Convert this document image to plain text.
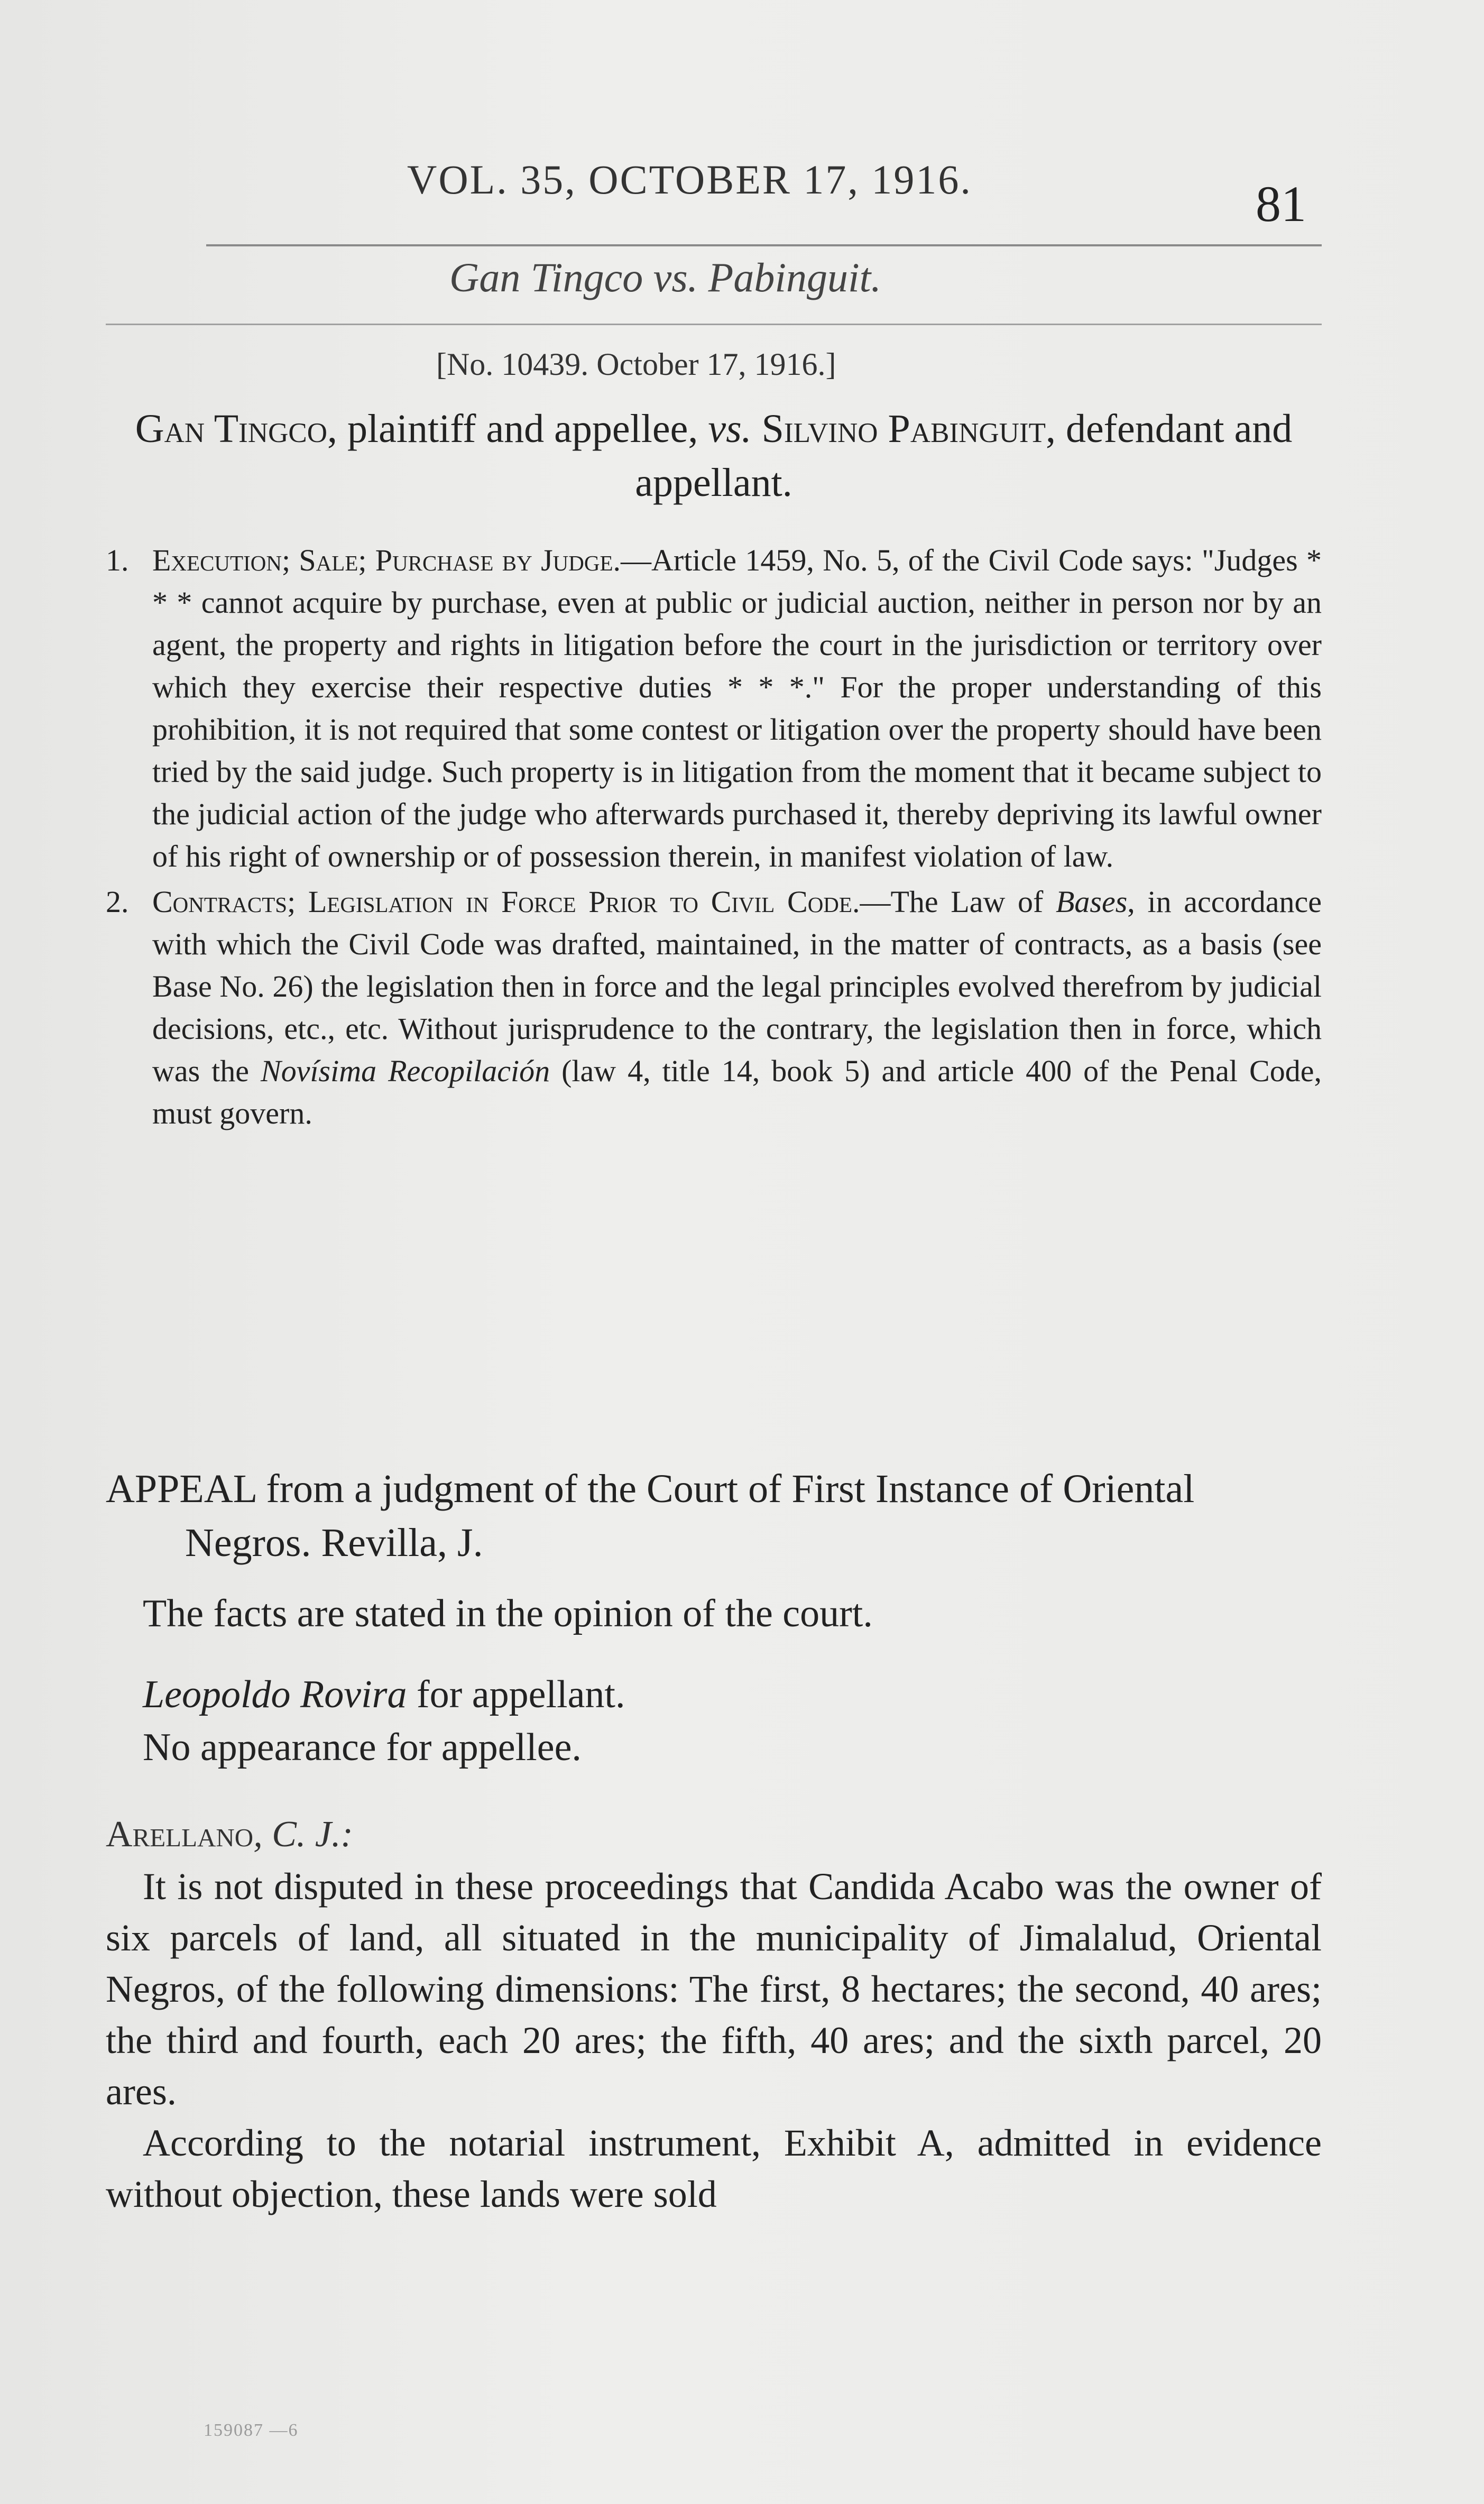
VOL. 35, OCTOBER 17, 1916.	81
Gan Tingco vs. Pabinguit.
[No. 10439. October 17, 1916.]
Gan Tingco, plaintiff and appellee, vs. Silvino Pabinguit, defendant and appellant.
1. Execution; Sale; Purchase by Judge.—Article 1459, No. 5, of the Civil Code says: "Judges * * * cannot acquire by purchase, even at public or judicial auction, neither in person nor by an agent, the property and rights in litigation before the court in the jurisdiction or territory over which they exercise their respective duties * * *." For the proper understanding of this prohibition, it is not required that some contest or litigation over the property should have been tried by the said judge. Such property is in litigation from the moment that it became subject to the judicial action of the judge who afterwards purchased it, thereby depriving its lawful owner of his right of ownership or of possession therein, in manifest violation of law.
2. Contracts; Legislation in Force Prior to Civil Code.—The Law of Bases, in accordance with which the Civil Code was drafted, maintained, in the matter of contracts, as a basis (see Base No. 26) the legislation then in force and the legal principles evolved therefrom by judicial decisions, etc., etc. Without jurisprudence to the contrary, the legislation then in force, which was the Novísima Recopilación (law 4, title 14, book 5) and article 400 of the Penal Code, must govern.
APPEAL from a judgment of the Court of First Instance of Oriental Negros. Revilla, J.
The facts are stated in the opinion of the court.
Leopoldo Rovira for appellant.
No appearance for appellee.
Arellano, C. J.:

It is not disputed in these proceedings that Candida Acabo was the owner of six parcels of land, all situated in the municipality of Jimalalud, Oriental Negros, of the following dimensions: The first, 8 hectares; the second, 40 ares; the third and fourth, each 20 ares; the fifth, 40 ares; and the sixth parcel, 20 ares.

According to the notarial instrument, Exhibit A, admitted in evidence without objection, these lands were sold

159087 —6
